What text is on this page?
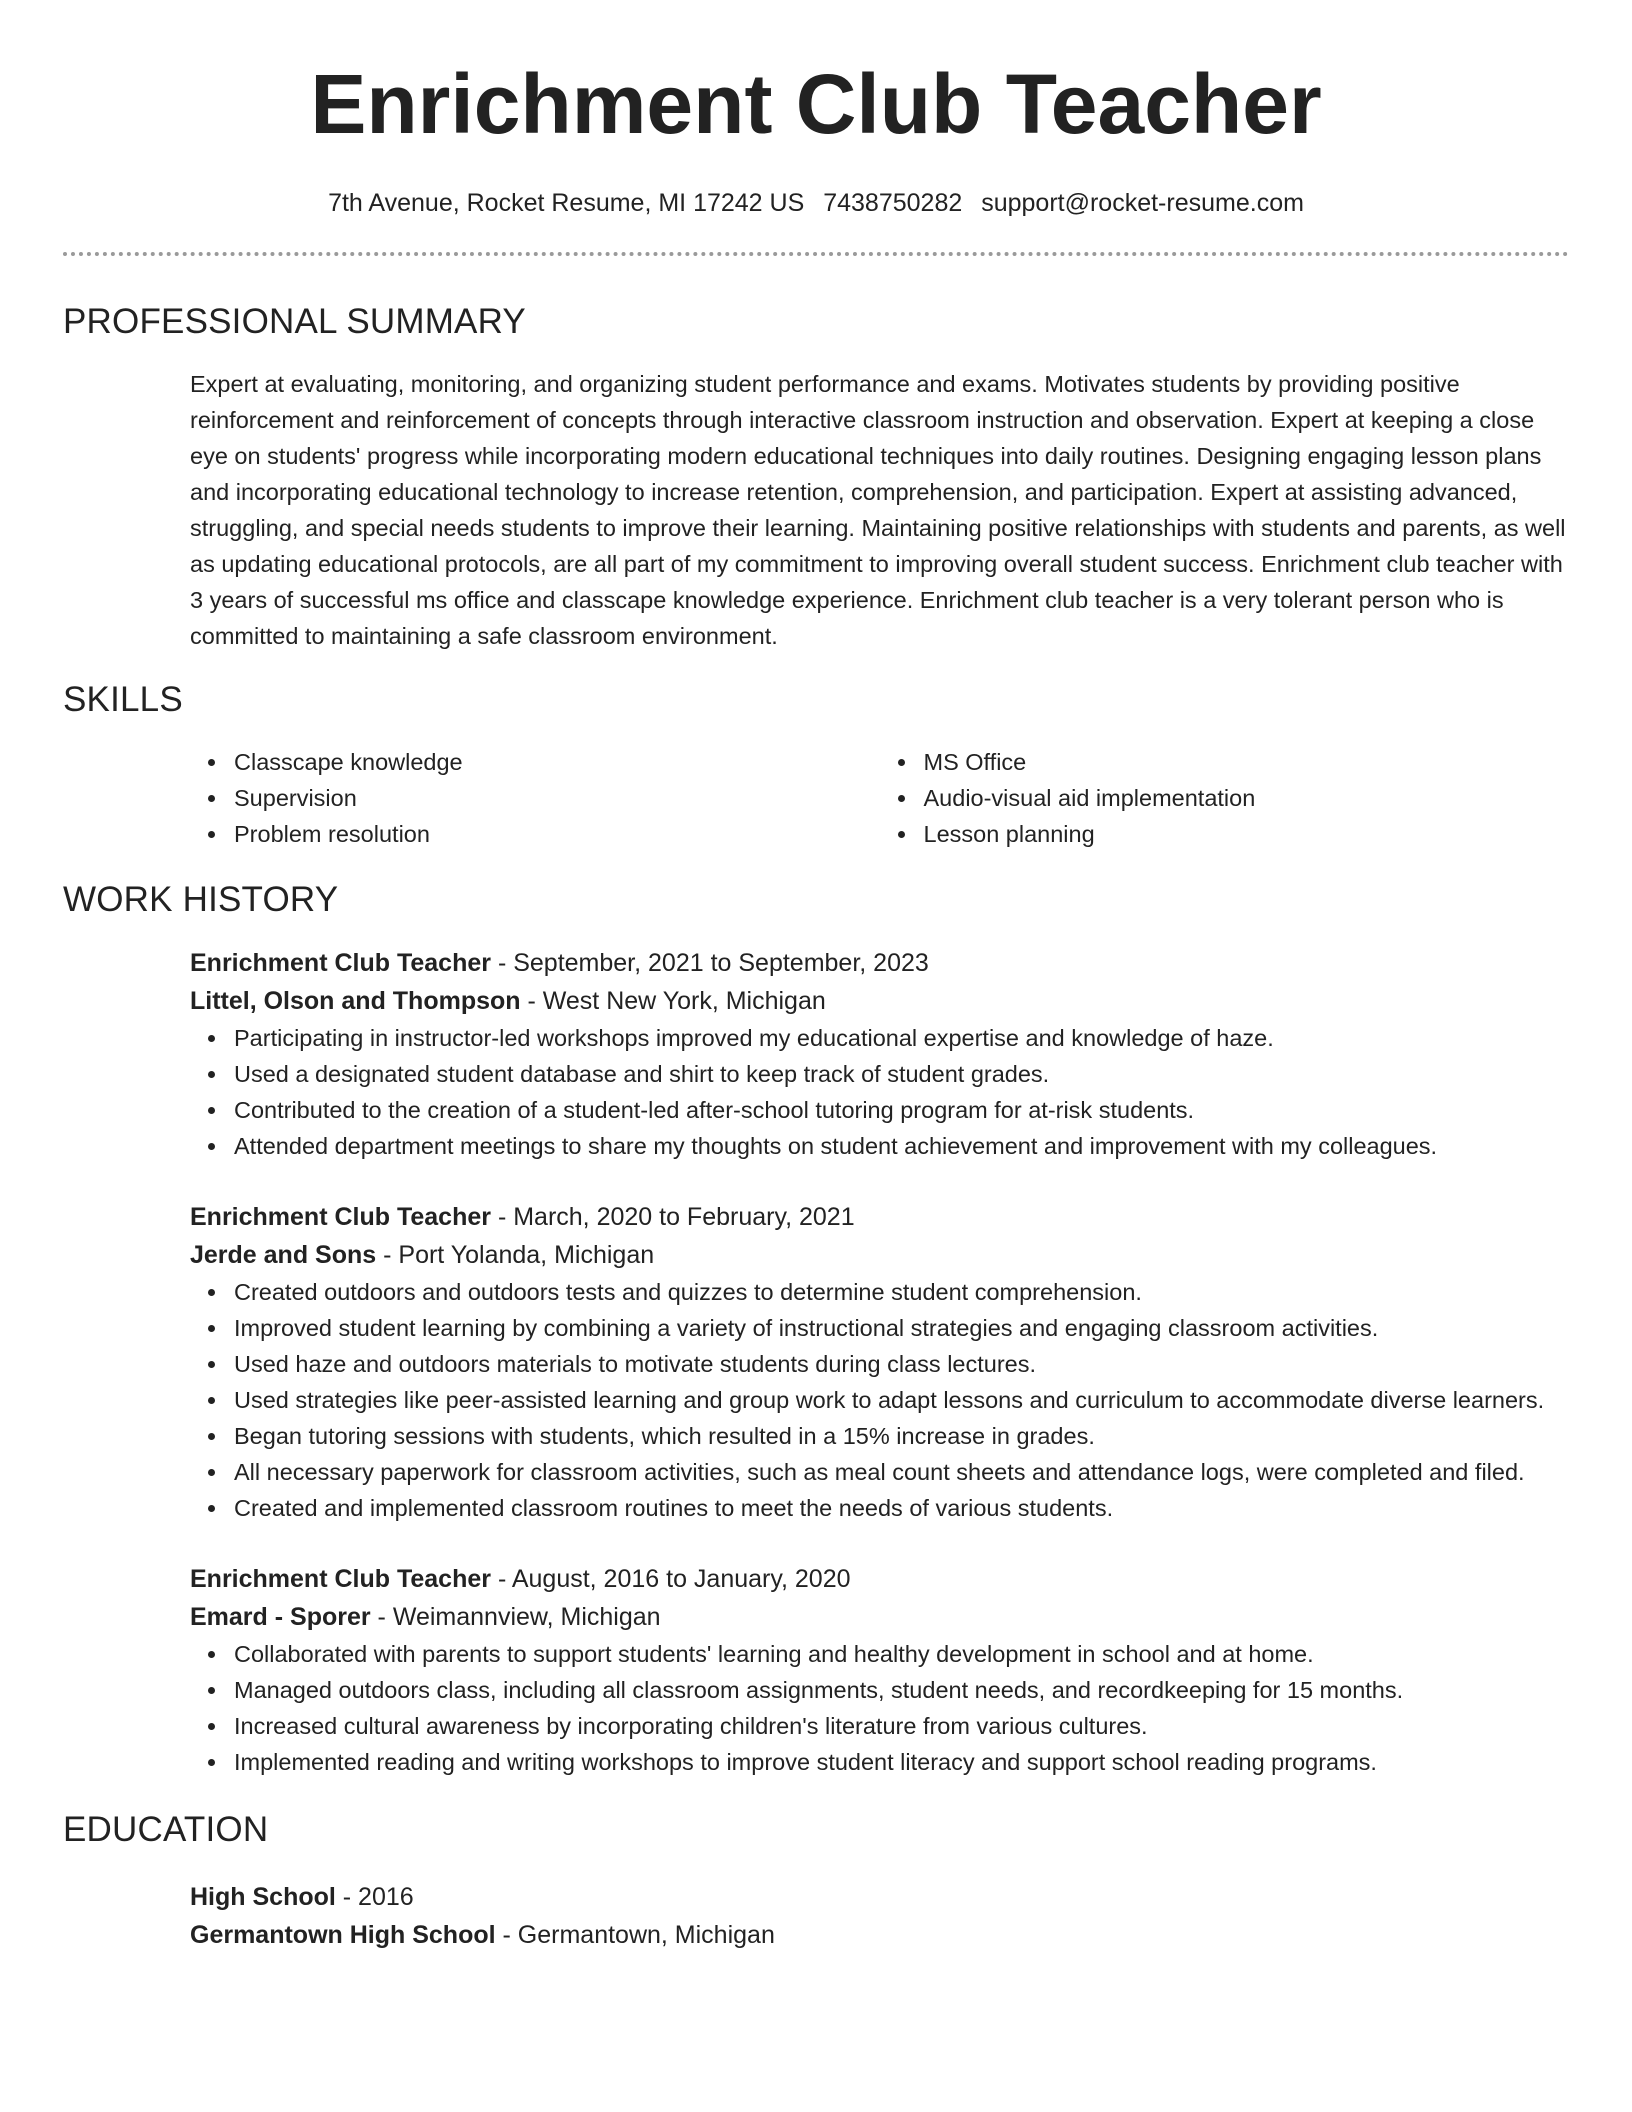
Enrichment Club Teacher
7th Avenue, Rocket Resume, MI 17242 US 7438750282 support@rocket-resume.com
PROFESSIONAL SUMMARY
Expert at evaluating, monitoring, and organizing student performance and exams. Motivates students by providing positive reinforcement and reinforcement of concepts through interactive classroom instruction and observation. Expert at keeping a close eye on students' progress while incorporating modern educational techniques into daily routines. Designing engaging lesson plans and incorporating educational technology to increase retention, comprehension, and participation. Expert at assisting advanced, struggling, and special needs students to improve their learning. Maintaining positive relationships with students and parents, as well as updating educational protocols, are all part of my commitment to improving overall student success. Enrichment club teacher with 3 years of successful ms office and classcape knowledge experience. Enrichment club teacher is a very tolerant person who is committed to maintaining a safe classroom environment.
SKILLS
Classcape knowledge
Supervision
Problem resolution
MS Office
Audio-visual aid implementation
Lesson planning
WORK HISTORY
Enrichment Club Teacher - September, 2021 to September, 2023
Littel, Olson and Thompson - West New York, Michigan
Participating in instructor-led workshops improved my educational expertise and knowledge of haze.
Used a designated student database and shirt to keep track of student grades.
Contributed to the creation of a student-led after-school tutoring program for at-risk students.
Attended department meetings to share my thoughts on student achievement and improvement with my colleagues.
Enrichment Club Teacher - March, 2020 to February, 2021
Jerde and Sons - Port Yolanda, Michigan
Created outdoors and outdoors tests and quizzes to determine student comprehension.
Improved student learning by combining a variety of instructional strategies and engaging classroom activities.
Used haze and outdoors materials to motivate students during class lectures.
Used strategies like peer-assisted learning and group work to adapt lessons and curriculum to accommodate diverse learners.
Began tutoring sessions with students, which resulted in a 15% increase in grades.
All necessary paperwork for classroom activities, such as meal count sheets and attendance logs, were completed and filed.
Created and implemented classroom routines to meet the needs of various students.
Enrichment Club Teacher - August, 2016 to January, 2020
Emard - Sporer - Weimannview, Michigan
Collaborated with parents to support students' learning and healthy development in school and at home.
Managed outdoors class, including all classroom assignments, student needs, and recordkeeping for 15 months.
Increased cultural awareness by incorporating children's literature from various cultures.
Implemented reading and writing workshops to improve student literacy and support school reading programs.
EDUCATION
High School - 2016
Germantown High School - Germantown, Michigan
